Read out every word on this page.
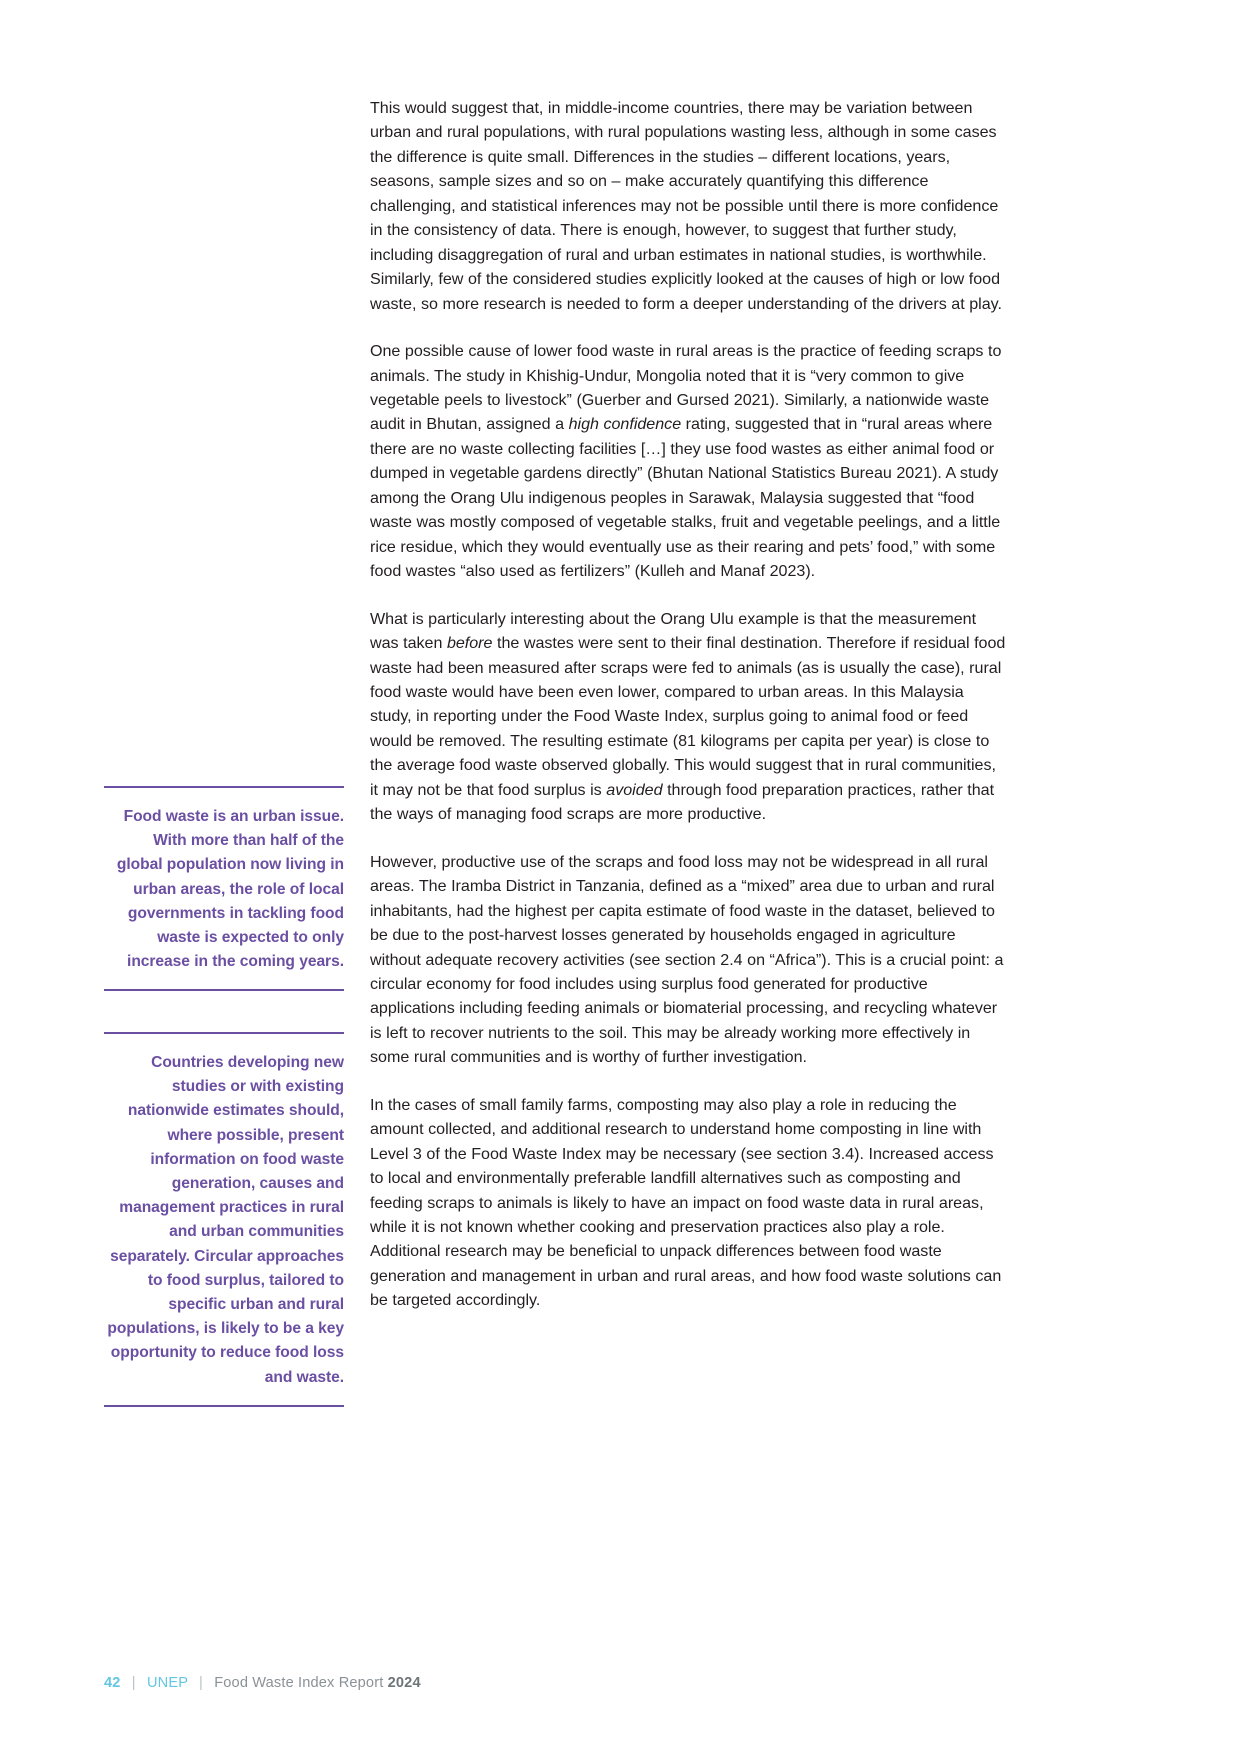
Food waste is an urban issue. With more than half of the global population now living in urban areas, the role of local governments in tackling food waste is expected to only increase in the coming years.
Countries developing new studies or with existing nationwide estimates should, where possible, present information on food waste generation, causes and management practices in rural and urban communities separately. Circular approaches to food surplus, tailored to specific urban and rural populations, is likely to be a key opportunity to reduce food loss and waste.

This would suggest that, in middle-income countries, there may be variation between urban and rural populations, with rural populations wasting less, although in some cases the difference is quite small. Differences in the studies – different locations, years, seasons, sample sizes and so on – make accurately quantifying this difference challenging, and statistical inferences may not be possible until there is more confidence in the consistency of data. There is enough, however, to suggest that further study, including disaggregation of rural and urban estimates in national studies, is worthwhile. Similarly, few of the considered studies explicitly looked at the causes of high or low food waste, so more research is needed to form a deeper understanding of the drivers at play.

One possible cause of lower food waste in rural areas is the practice of feeding scraps to animals. The study in Khishig-Undur, Mongolia noted that it is “very common to give vegetable peels to livestock” (Guerber and Gursed 2021). Similarly, a nationwide waste audit in Bhutan, assigned a high confidence rating, suggested that in “rural areas where there are no waste collecting facilities […] they use food wastes as either animal food or dumped in vegetable gardens directly” (Bhutan National Statistics Bureau 2021). A study among the Orang Ulu indigenous peoples in Sarawak, Malaysia suggested that “food waste was mostly composed of vegetable stalks, fruit and vegetable peelings, and a little rice residue, which they would eventually use as their rearing and pets’ food,” with some food wastes “also used as fertilizers” (Kulleh and Manaf 2023).

What is particularly interesting about the Orang Ulu example is that the measurement was taken before the wastes were sent to their final destination. Therefore if residual food waste had been measured after scraps were fed to animals (as is usually the case), rural food waste would have been even lower, compared to urban areas. In this Malaysia study, in reporting under the Food Waste Index, surplus going to animal food or feed would be removed. The resulting estimate (81 kilograms per capita per year) is close to the average food waste observed globally. This would suggest that in rural communities, it may not be that food surplus is avoided through food preparation practices, rather that the ways of managing food scraps are more productive.

However, productive use of the scraps and food loss may not be widespread in all rural areas. The Iramba District in Tanzania, defined as a “mixed” area due to urban and rural inhabitants, had the highest per capita estimate of food waste in the dataset, believed to be due to the post-harvest losses generated by households engaged in agriculture without adequate recovery activities (see section 2.4 on “Africa”). This is a crucial point: a circular economy for food includes using surplus food generated for productive applications including feeding animals or biomaterial processing, and recycling whatever is left to recover nutrients to the soil. This may be already working more effectively in some rural communities and is worthy of further investigation.

In the cases of small family farms, composting may also play a role in reducing the amount collected, and additional research to understand home composting in line with Level 3 of the Food Waste Index may be necessary (see section 3.4). Increased access to local and environmentally preferable landfill alternatives such as composting and feeding scraps to animals is likely to have an impact on food waste data in rural areas, while it is not known whether cooking and preservation practices also play a role. Additional research may be beneficial to unpack differences between food waste generation and management in urban and rural areas, and how food waste solutions can be targeted accordingly.

42 | UNEP | Food Waste Index Report 2024
